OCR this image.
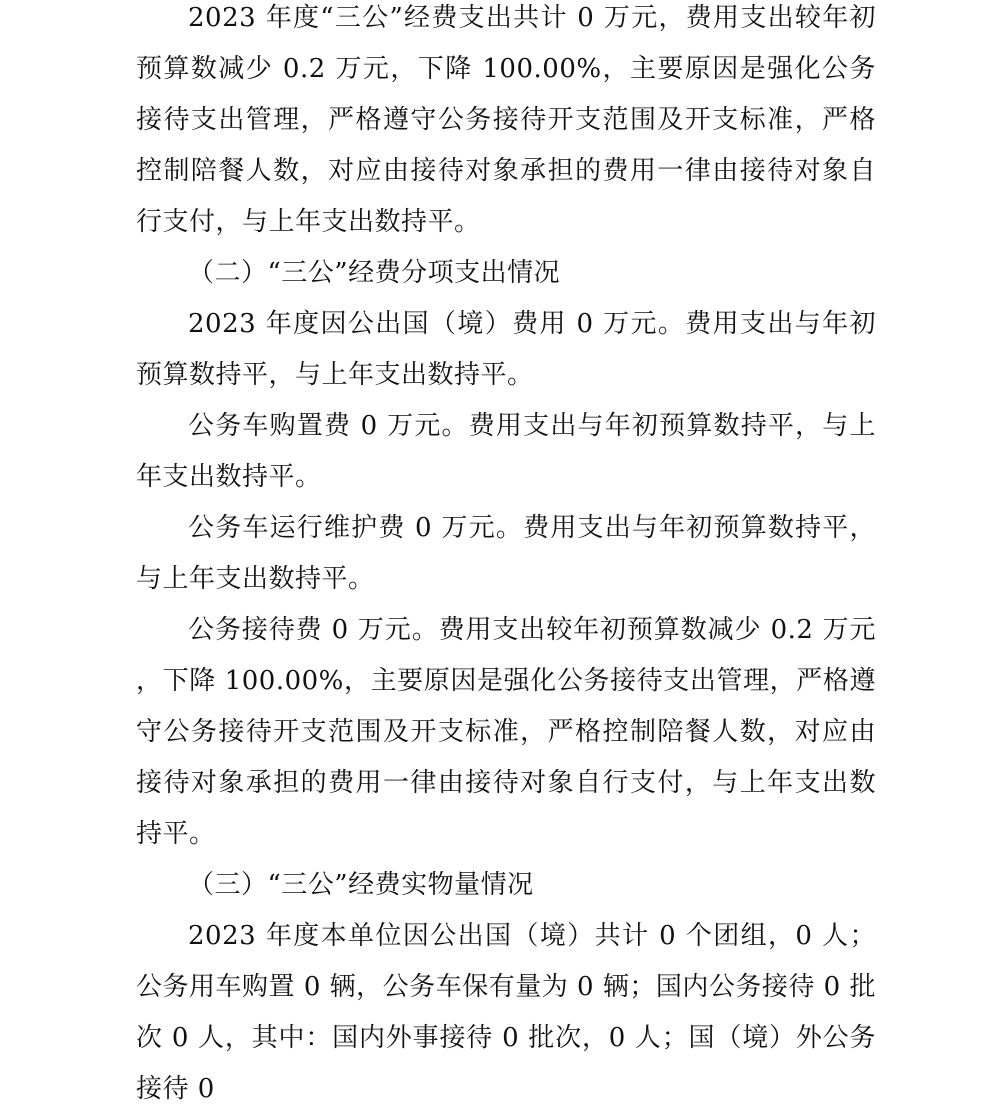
2023 年度“三公”经费支出共计 0 万元，费用支出较年初预算数减少 0.2 万元，下降 100.00%，主要原因是强化公务接待支出管理，严格遵守公务接待开支范围及开支标准，严格控制陪餐人数，对应由接待对象承担的费用一律由接待对象自行支付，与上年支出数持平。

（二）“三公”经费分项支出情况

2023 年度因公出国（境）费用 0 万元。费用支出与年初预算数持平，与上年支出数持平。

公务车购置费 0 万元。费用支出与年初预算数持平，与上年支出数持平。

公务车运行维护费 0 万元。费用支出与年初预算数持平，与上年支出数持平。

公务接待费 0 万元。费用支出较年初预算数减少 0.2 万元，下降 100.00%，主要原因是强化公务接待支出管理，严格遵守公务接待开支范围及开支标准，严格控制陪餐人数，对应由接待对象承担的费用一律由接待对象自行支付，与上年支出数持平。

（三）“三公”经费实物量情况

2023 年度本单位因公出国（境）共计 0 个团组，0 人；公务用车购置 0 辆，公务车保有量为 0 辆；国内公务接待 0 批次 0 人，其中：国内外事接待 0 批次，0 人；国（境）外公务接待 0
